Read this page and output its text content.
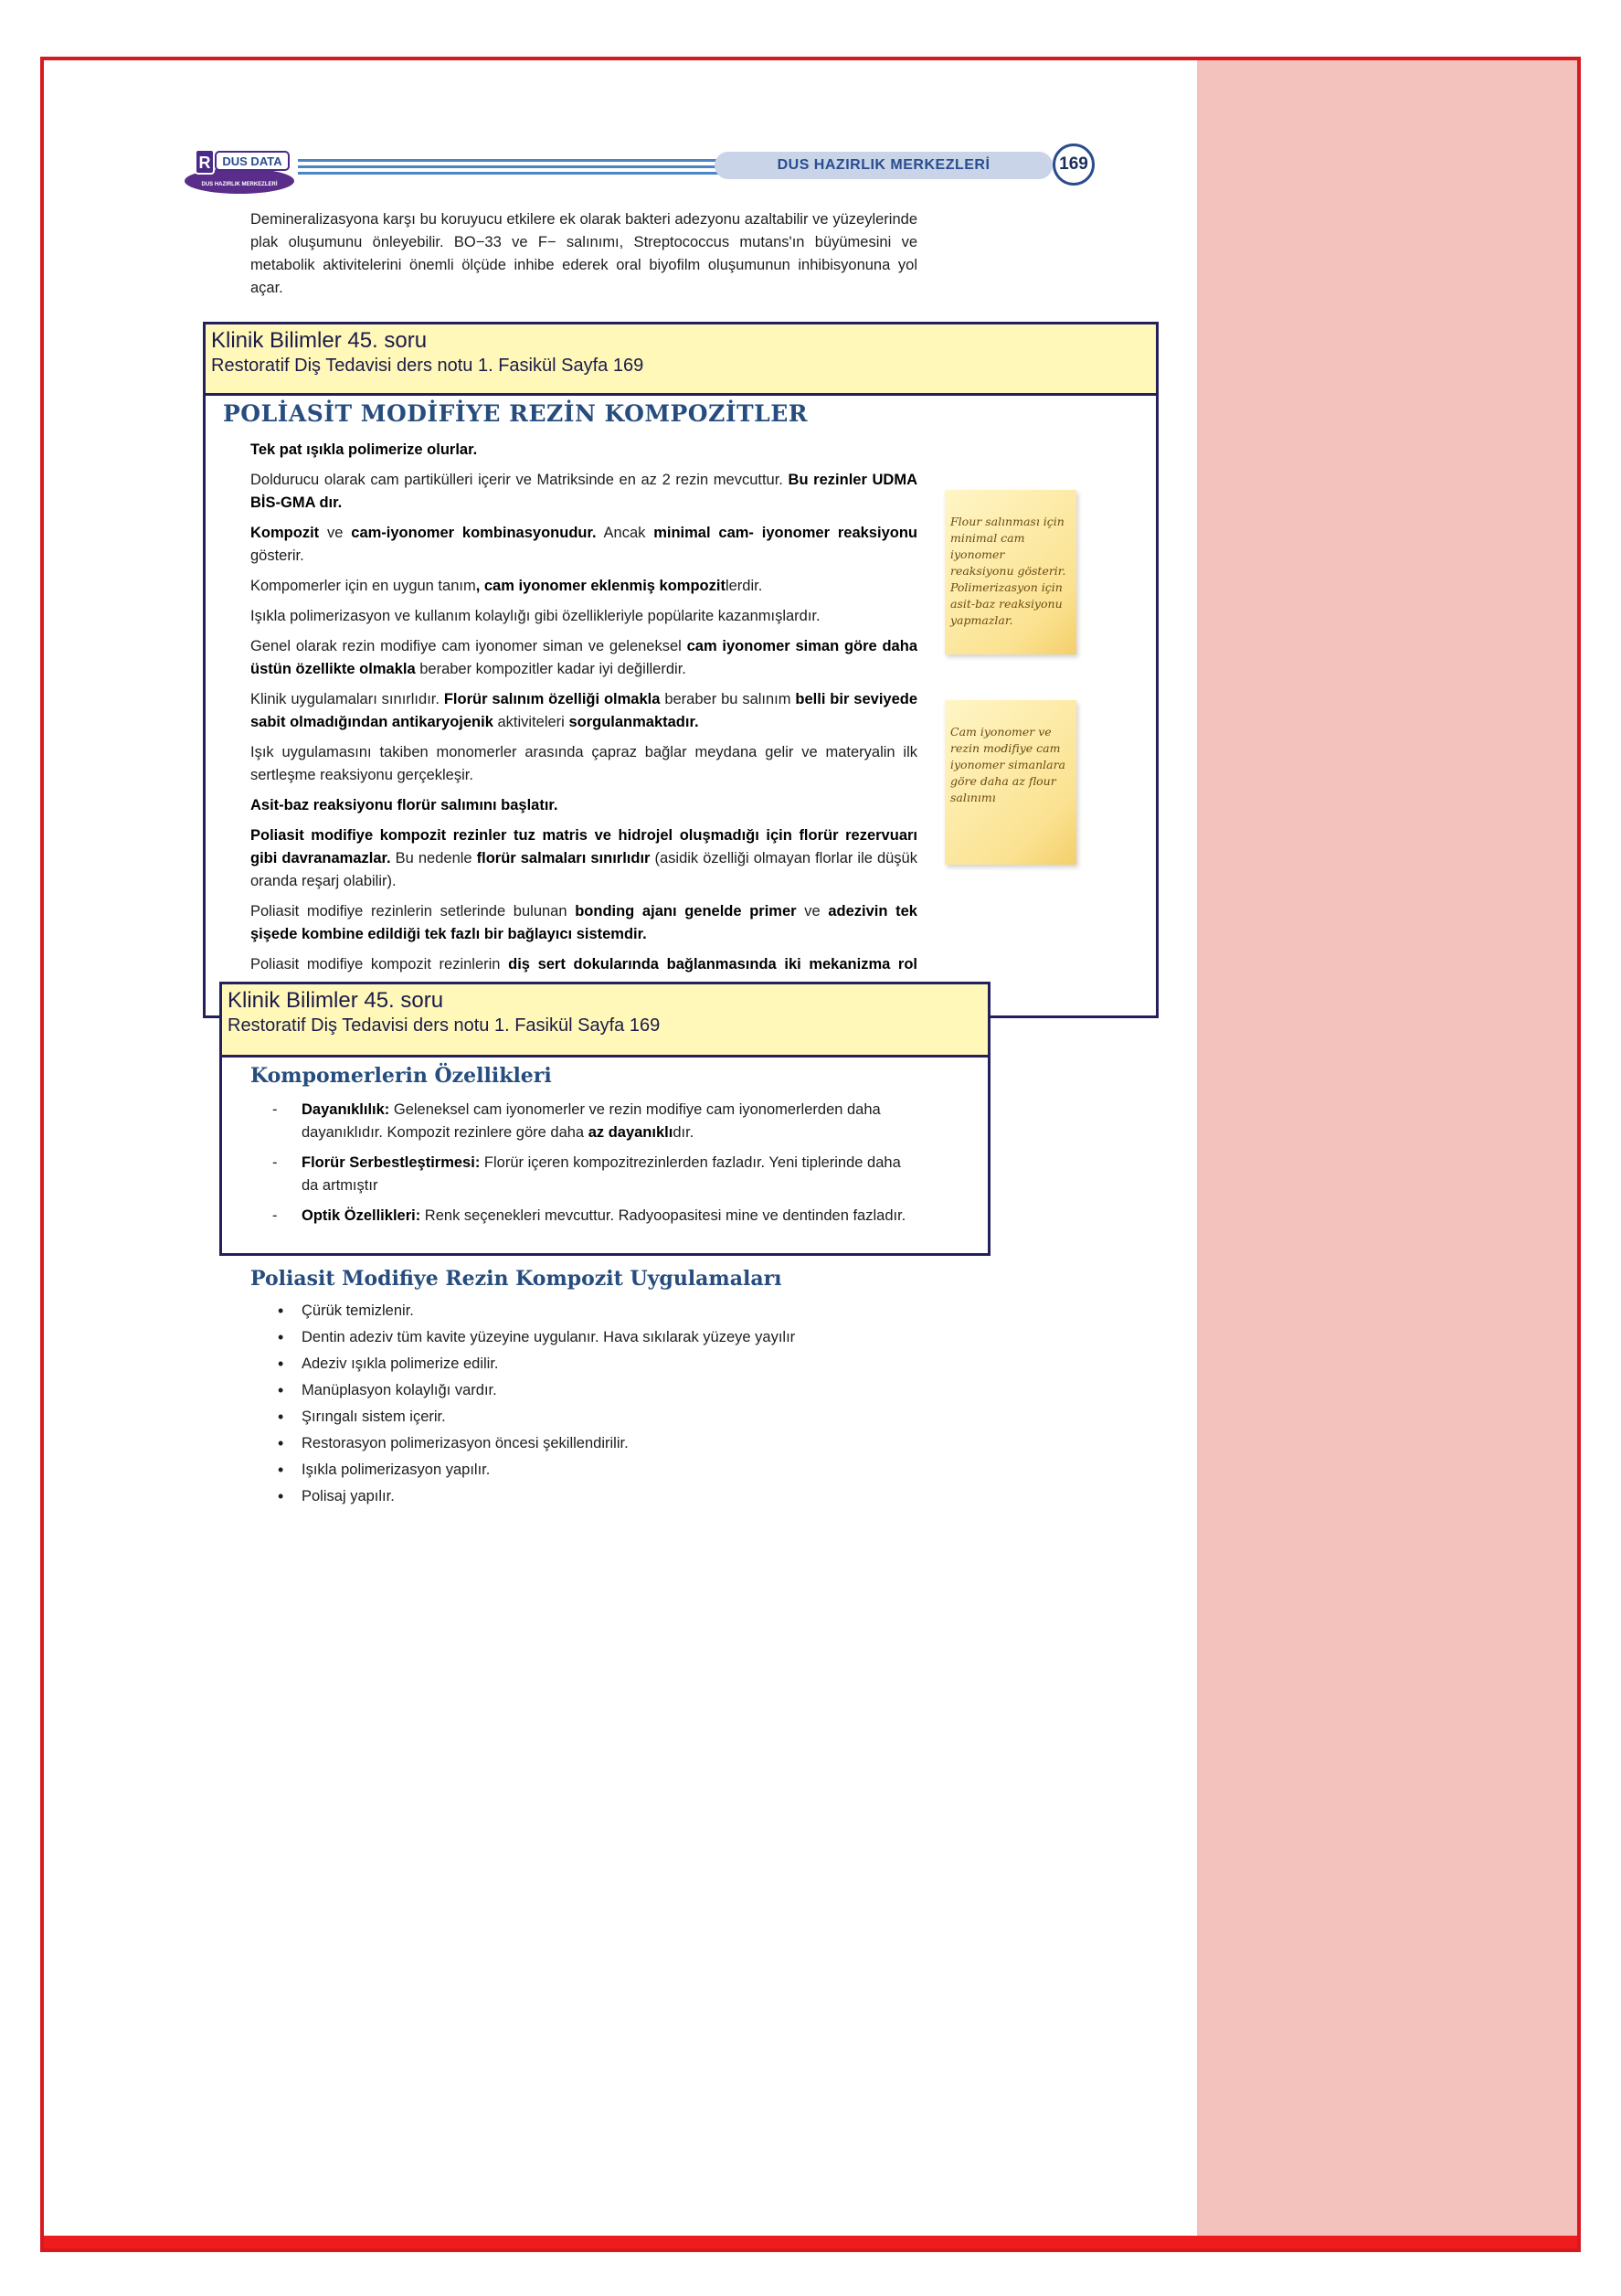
R DUS DATA
DUS HAZIRLIK MERKEZLERİ
DUS HAZIRLIK MERKEZLERİ	169

Demineralizasyona karşı bu koruyucu etkilere ek olarak bakteri adezyonu azaltabilir ve yüzeylerinde plak oluşumunu önleyebilir. BO−33 ve F− salınımı, Streptococcus mutans'ın büyümesini ve metabolik aktivitelerini önemli ölçüde inhibe ederek oral biyofilm oluşumunun inhibisyonuna yol açar.

Klinik Bilimler 45. soru
Restoratif Diş Tedavisi ders notu 1. Fasikül Sayfa 169
POLİASİT MODİFİYE REZİN KOMPOZİTLER

Tek pat ışıkla polimerize olurlar.

Doldurucu olarak cam partikülleri içerir ve Matriksinde en az 2 rezin mevcuttur. Bu rezinler UDMA BİS-GMA dır.

Kompozit ve cam-iyonomer kombinasyonudur. Ancak minimal cam- iyonomer reaksiyonu gösterir.

Kompomerler için en uygun tanım, cam iyonomer eklenmiş kompozitlerdir.

Işıkla polimerizasyon ve kullanım kolaylığı gibi özellikleriyle popülarite kazanmışlardır.

Genel olarak rezin modifiye cam iyonomer siman ve geleneksel cam iyonomer siman göre daha üstün özellikte olmakla beraber kompozitler kadar iyi değillerdir.

Klinik uygulamaları sınırlıdır. Florür salınım özelliği olmakla beraber bu salınım belli bir seviyede sabit olmadığından antikaryojenik aktiviteleri sorgulanmaktadır.

Işık uygulamasını takiben monomerler arasında çapraz bağlar meydana gelir ve materyalin ilk sertleşme reaksiyonu gerçekleşir.

Asit-baz reaksiyonu florür salımını başlatır.

Poliasit modifiye kompozit rezinler tuz matris ve hidrojel oluşmadığı için florür rezervuarı gibi davranamazlar. Bu nedenle florür salmaları sınırlıdır (asidik özelliği olmayan florlar ile düşük oranda reşarj olabilir).

Poliasit modifiye rezinlerin setlerinde bulunan bonding ajanı genelde primer ve adezivin tek şişede kombine edildiği tek fazlı bir bağlayıcı sistemdir.

Poliasit modifiye kompozit rezinlerin diş sert dokularında bağlanmasında iki mekanizma rol

Flour salınması için minimal cam iyonomer reaksiyonu gösterir. Polimerizasyon için asit-baz reaksiyonu yapmazlar.
Cam iyonomer ve rezin modifiye cam iyonomer simanlara göre daha az flour salınımı
Klinik Bilimler 45. soru
Restoratif Diş Tedavisi ders notu 1. Fasikül Sayfa 169
Kompomerlerin Özellikleri
- Dayanıklılık: Geleneksel cam iyonomerler ve rezin modifiye cam iyonomerlerden daha dayanıklıdır. Kompozit rezinlere göre daha az dayanıklıdır.
- Florür Serbestleştirmesi: Florür içeren kompozitrezinlerden fazladır. Yeni tiplerinde daha da artmıştır
- Optik Özellikleri: Renk seçenekleri mevcuttur. Radyoopasitesi mine ve dentinden fazladır.
Poliasit Modifiye Rezin Kompozit Uygulamaları
• Çürük temizlenir.
• Dentin adeziv tüm kavite yüzeyine uygulanır. Hava sıkılarak yüzeye yayılır
• Adeziv ışıkla polimerize edilir.
• Manüplasyon kolaylığı vardır.
• Şırıngalı sistem içerir.
• Restorasyon polimerizasyon öncesi şekillendirilir.
• Işıkla polimerizasyon yapılır.
• Polisaj yapılır.
